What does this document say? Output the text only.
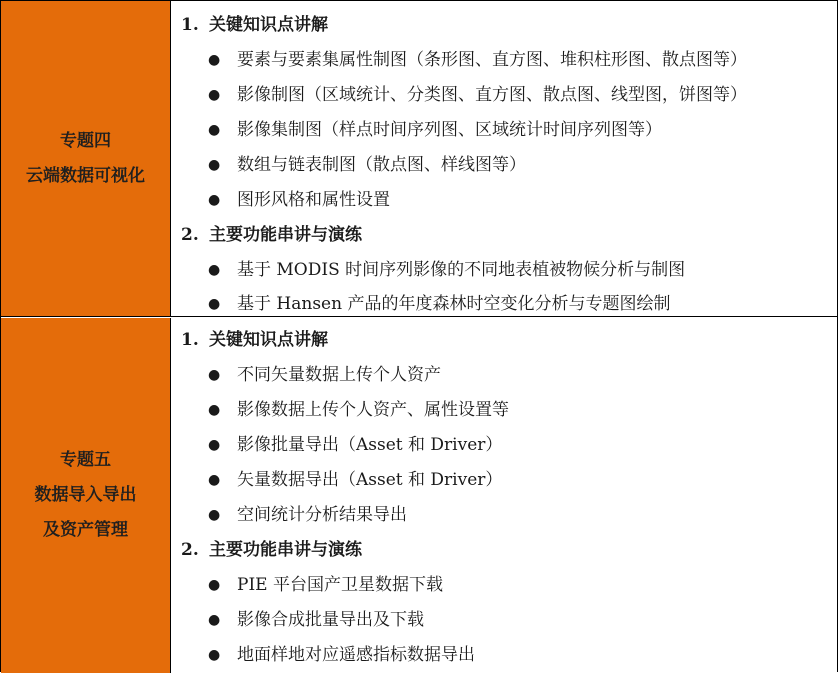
专题四
云端数据可视化
1. 关键知识点讲解
● 要素与要素集属性制图（条形图、直方图、堆积柱形图、散点图等）
● 影像制图（区域统计、分类图、直方图、散点图、线型图，饼图等）
● 影像集制图（样点时间序列图、区域统计时间序列图等）
● 数组与链表制图（散点图、样线图等）
● 图形风格和属性设置
2. 主要功能串讲与演练
● 基于 MODIS 时间序列影像的不同地表植被物候分析与制图
● 基于 Hansen 产品的年度森林时空变化分析与专题图绘制
专题五
数据导入导出
及资产管理
1. 关键知识点讲解
● 不同矢量数据上传个人资产
● 影像数据上传个人资产、属性设置等
● 影像批量导出（Asset 和 Driver）
● 矢量数据导出（Asset 和 Driver）
● 空间统计分析结果导出
2. 主要功能串讲与演练
● PIE 平台国产卫星数据下载
● 影像合成批量导出及下载
● 地面样地对应遥感指标数据导出
